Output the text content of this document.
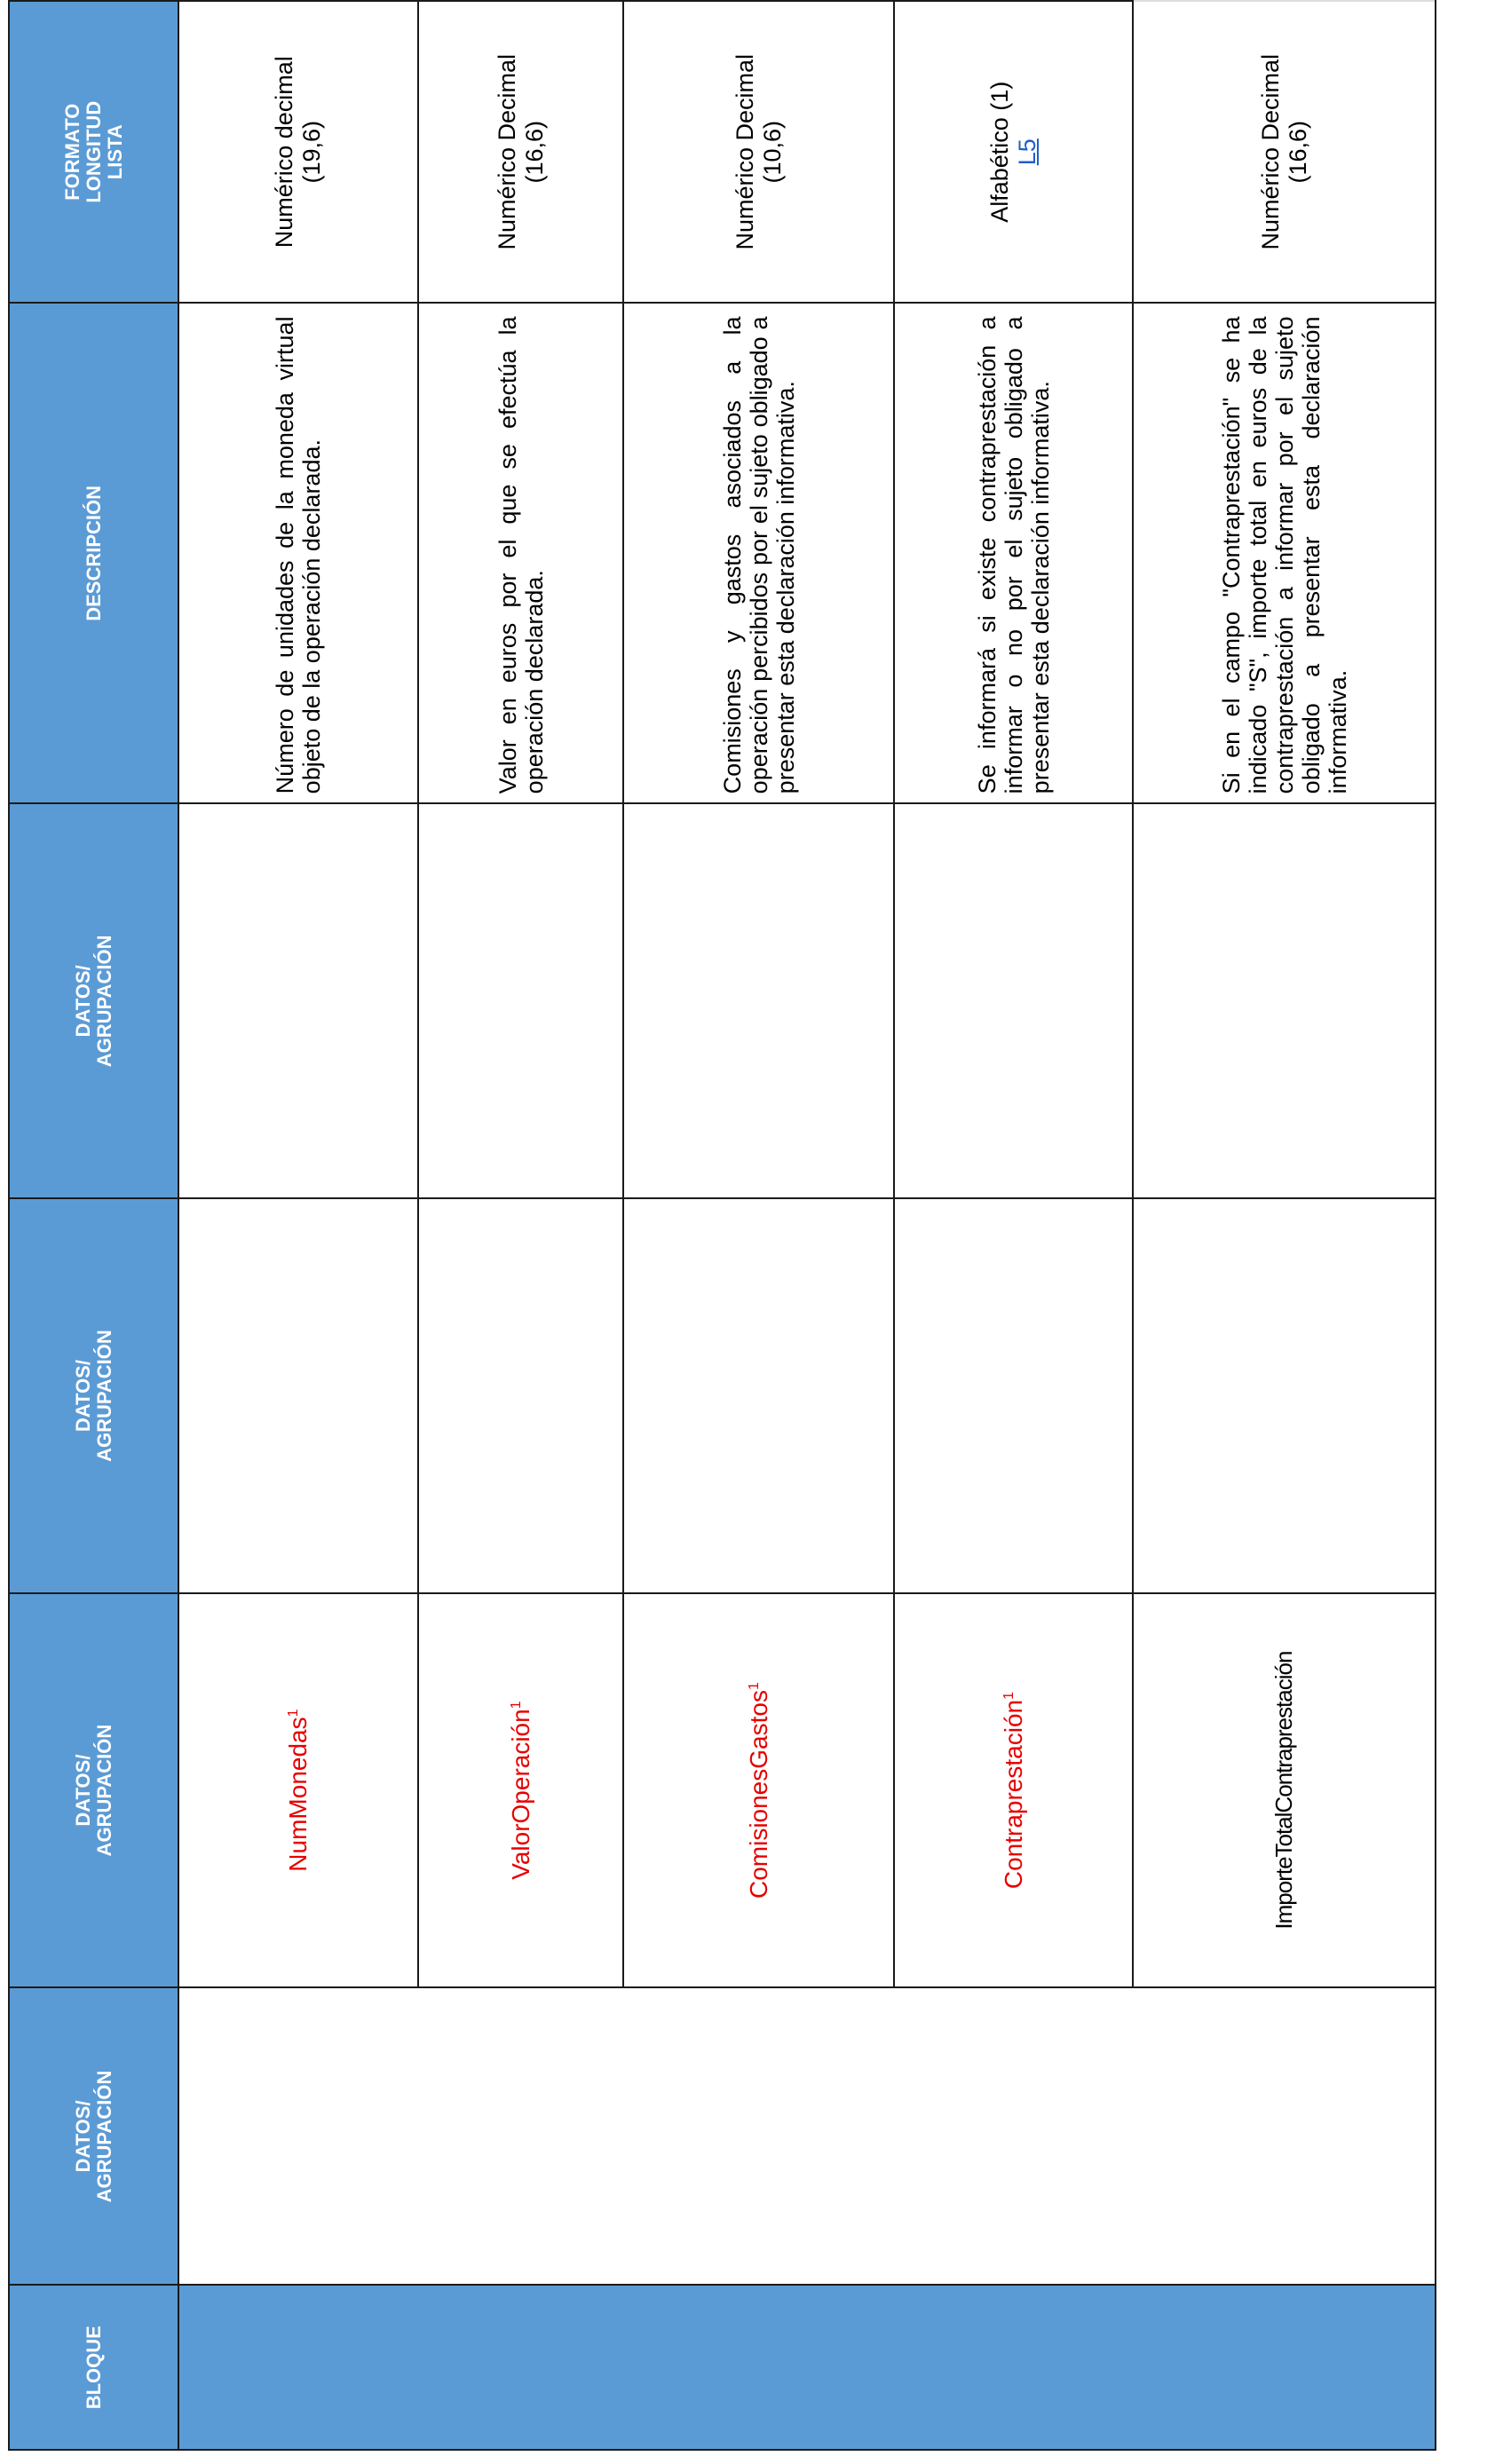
BLOQUE	DATOS/ AGRUPACIÓN	DATOS/ AGRUPACIÓN	DATOS/ AGRUPACIÓN	DATOS/ AGRUPACIÓN	DESCRIPCIÓN	FORMATO LONGITUD LISTA

		NumMonedas$^1$			Número de unidades de la moneda virtual objeto de la operación declarada.	Numérico decimal (19,6)

		ValorOperación$^1$			Valor en euros por el que se efectúa la operación declarada.	Numérico Decimal (16,6)

		ComisionesGastos$^1$			Comisiones y gastos asociados a la operación percibidos por el sujeto obligado a presentar esta declaración informativa.	Numérico Decimal (10,6)

		Contraprestación$^1$			Se informará si existe contraprestación a informar o no por el sujeto obligado a presentar esta declaración informativa.	Alfabético (1) L5

		ImporteTotalContraprestación			Si en el campo "Contraprestación" se ha indicado "S", importe total en euros de la contraprestación a informar por el sujeto obligado a presentar esta declaración informativa.	Numérico Decimal (16,6)
